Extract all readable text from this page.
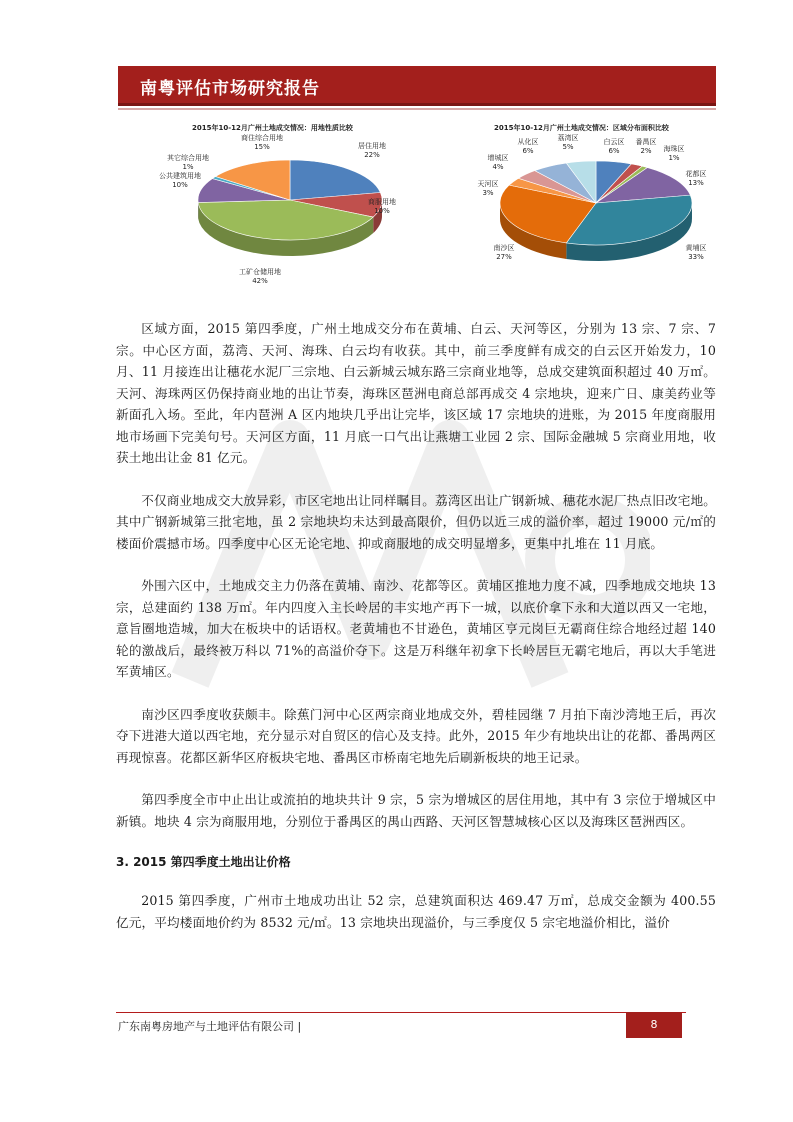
南粤评估市场研究报告
2015年10-12月广州土地成交情况：用地性质比较
居住用地
22%
商服用地
10%
工矿仓储用地
42%
公共建筑用地
10%
其它综合用地
1%
商住综合用地
15%
2015年10-12月广州土地成交情况：区域分布面积比较
白云区
6%
番禺区
2% 海珠区
1%
花都区
13%
黄埔区
33%
南沙区
27%
天河区
3%
增城区
4%
从化区
6%
荔湾区
5%

区域方面，2015 第四季度，广州土地成交分布在黄埔、白云、天河等区，分别为 13 宗、7 宗、7 宗。中心区方面，荔湾、天河、海珠、白云均有收获。其中，前三季度鲜有成交的白云区开始发力，10 月、11 月接连出让穗花水泥厂三宗地、白云新城云城东路三宗商业地等，总成交建筑面积超过 40 万㎡。天河、海珠两区仍保持商业地的出让节奏，海珠区琶洲电商总部再成交 4 宗地块，迎来广日、康美药业等新面孔入场。至此，年内琶洲 A 区内地块几乎出让完毕，该区域 17 宗地块的进账，为 2015 年度商服用地市场画下完美句号。天河区方面，11 月底一口气出让燕塘工业园 2 宗、国际金融城 5 宗商业用地，收获土地出让金 81 亿元。

不仅商业地成交大放异彩，市区宅地出让同样瞩目。荔湾区出让广钢新城、穗花水泥厂热点旧改宅地。其中广钢新城第三批宅地，虽 2 宗地块均未达到最高限价，但仍以近三成的溢价率，超过 19000 元/㎡的楼面价震撼市场。四季度中心区无论宅地、抑或商服地的成交明显增多，更集中扎堆在 11 月底。

外围六区中，土地成交主力仍落在黄埔、南沙、花都等区。黄埔区推地力度不减，四季地成交地块 13 宗，总建面约 138 万㎡。年内四度入主长岭居的丰实地产再下一城，以底价拿下永和大道以西又一宅地，意旨圈地造城，加大在板块中的话语权。老黄埔也不甘逊色，黄埔区亨元岗巨无霸商住综合地经过超 140 轮的激战后，最终被万科以 71%的高溢价夺下。这是万科继年初拿下长岭居巨无霸宅地后，再以大手笔进军黄埔区。

南沙区四季度收获颇丰。除蕉门河中心区两宗商业地成交外，碧桂园继 7 月拍下南沙湾地王后，再次夺下进港大道以西宅地，充分显示对自贸区的信心及支持。此外，2015 年少有地块出让的花都、番禺两区再现惊喜。花都区新华区府板块宅地、番禺区市桥南宅地先后刷新板块的地王记录。

第四季度全市中止出让或流拍的地块共计 9 宗，5 宗为增城区的居住用地，其中有 3 宗位于增城区中新镇。地块 4 宗为商服用地，分别位于番禺区的禺山西路、天河区智慧城核心区以及海珠区琶洲西区。

3. 2015 第四季度土地出让价格

2015 第四季度，广州市土地成功出让 52 宗，总建筑面积达 469.47 万㎡，总成交金额为 400.55 亿元，平均楼面地价约为 8532 元/㎡。13 宗地块出现溢价，与三季度仅 5 宗宅地溢价相比，溢价

广东南粤房地产与土地评估有限公司 |	8
